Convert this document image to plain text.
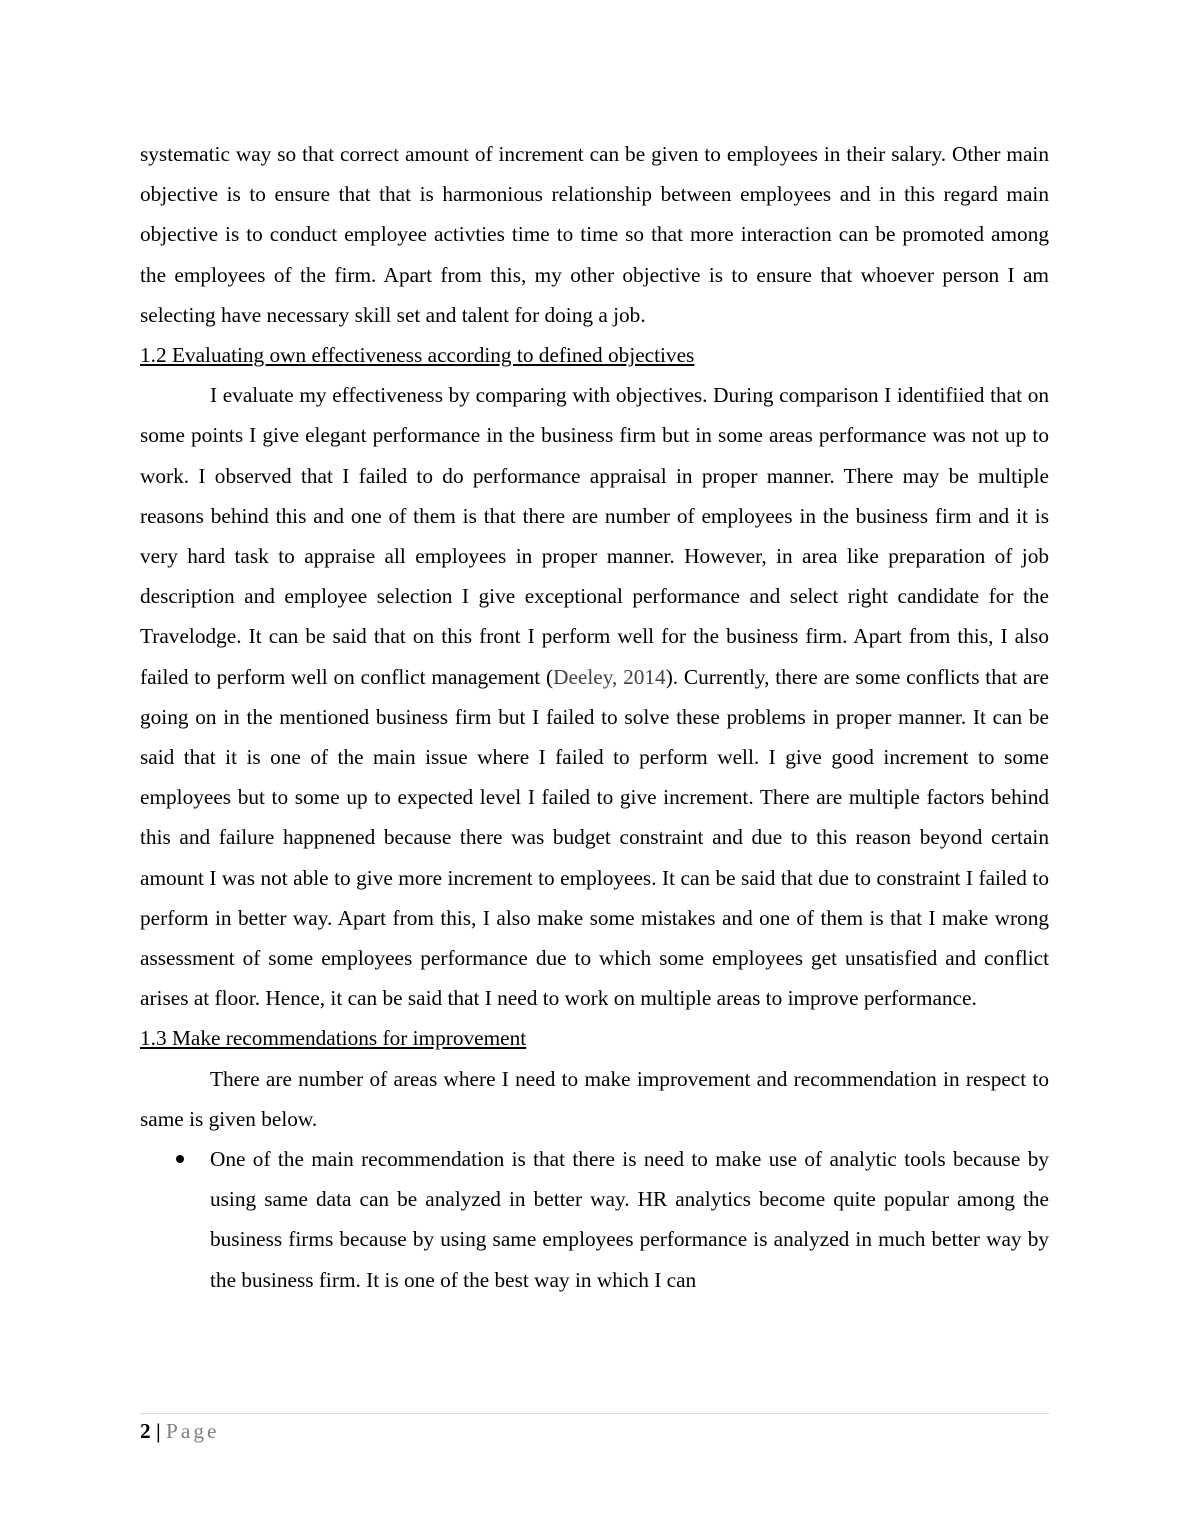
systematic way so that correct amount of increment can be given to employees in their salary. Other main objective is to ensure that that is harmonious relationship between employees and in this regard main objective is to conduct employee activties time to time so that more interaction can be promoted among the employees of the firm. Apart from this, my other objective is to ensure that whoever person I am selecting have necessary skill set and talent for doing a job.

1.2 Evaluating own effectiveness according to defined objectives

I evaluate my effectiveness by comparing with objectives. During comparison I identifiied that on some points I give elegant performance in the business firm but in some areas performance was not up to work. I observed that I failed to do performance appraisal in proper manner. There may be multiple reasons behind this and one of them is that there are number of employees in the business firm and it is very hard task to appraise all employees in proper manner. However, in area like preparation of job description and employee selection I give exceptional performance and select right candidate for the Travelodge. It can be said that on this front I perform well for the business firm. Apart from this, I also failed to perform well on conflict management (Deeley, 2014). Currently, there are some conflicts that are going on in the mentioned business firm but I failed to solve these problems in proper manner. It can be said that it is one of the main issue where I failed to perform well. I give good increment to some employees but to some up to expected level I failed to give increment. There are multiple factors behind this and failure happnened because there was budget constraint and due to this reason beyond certain amount I was not able to give more increment to employees. It can be said that due to constraint I failed to perform in better way. Apart from this, I also make some mistakes and one of them is that I make wrong assessment of some employees performance due to which some employees get unsatisfied and conflict arises at floor. Hence, it can be said that I need to work on multiple areas to improve performance.

1.3 Make recommendations for improvement

There are number of areas where I need to make improvement and recommendation in respect to same is given below.

One of the main recommendation is that there is need to make use of analytic tools because by using same data can be analyzed in better way. HR analytics become quite popular among the business firms because by using same employees performance is analyzed in much better way by the business firm. It is one of the best way in which I can
2 | Page
